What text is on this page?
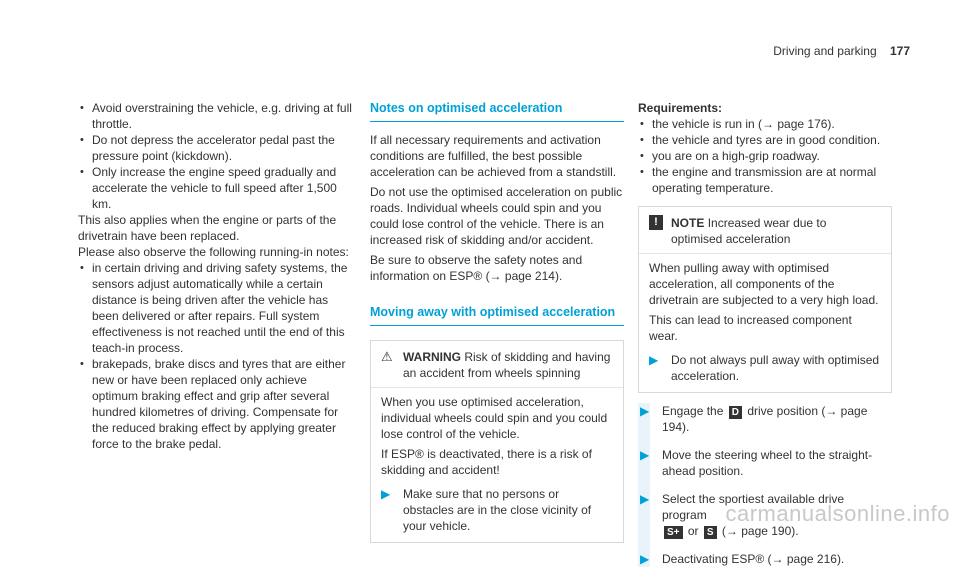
Driving and parking 177
• Avoid overstraining the vehicle, e.g. driving at full throttle.
• Do not depress the accelerator pedal past the pressure point (kickdown).
• Only increase the engine speed gradually and accelerate the vehicle to full speed after 1,500 km.

This also applies when the engine or parts of the drivetrain have been replaced.

Please also observe the following running-in notes:

• in certain driving and driving safety systems, the sensors adjust automatically while a certain distance is being driven after the vehicle has been delivered or after repairs. Full system effectiveness is not reached until the end of this teach-in process.
• brakepads, brake discs and tyres that are either new or have been replaced only achieve optimum braking effect and grip after several hundred kilometres of driving. Compensate for the reduced braking effect by applying greater force to the brake pedal.
Notes on optimised acceleration

If all necessary requirements and activation conditions are fulfilled, the best possible acceleration can be achieved from a standstill.

Do not use the optimised acceleration on public roads. Individual wheels could spin and you could lose control of the vehicle. There is an increased risk of skidding and/or accident.

Be sure to observe the safety notes and information on ESP® (→ page 214).

Moving away with optimised acceleration
⚠ WARNING Risk of skidding and having an accident from wheels spinning

When you use optimised acceleration, individual wheels could spin and you could lose control of the vehicle.

If ESP® is deactivated, there is a risk of skidding and accident!

▶	Make sure that no persons or obstacles are in the close vicinity of your vehicle.

Requirements:

• the vehicle is run in (→ page 176).
• the vehicle and tyres are in good condition.
• you are on a high-grip roadway.
• the engine and transmission are at normal operating temperature.
!	NOTE Increased wear due to optimised acceleration

When pulling away with optimised acceleration, all components of the drivetrain are subjected to a very high load.

This can lead to increased component wear.

▶	Do not always pull away with optimised acceleration.
▶	Engage the D drive position (→ page 194).
▶	Move the steering wheel to the straight-ahead position.
▶	Select the sportiest available drive program
S+ or S (→ page 190).
▶	Deactivating ESP® (→ page 216).
carmanualsonline.info
